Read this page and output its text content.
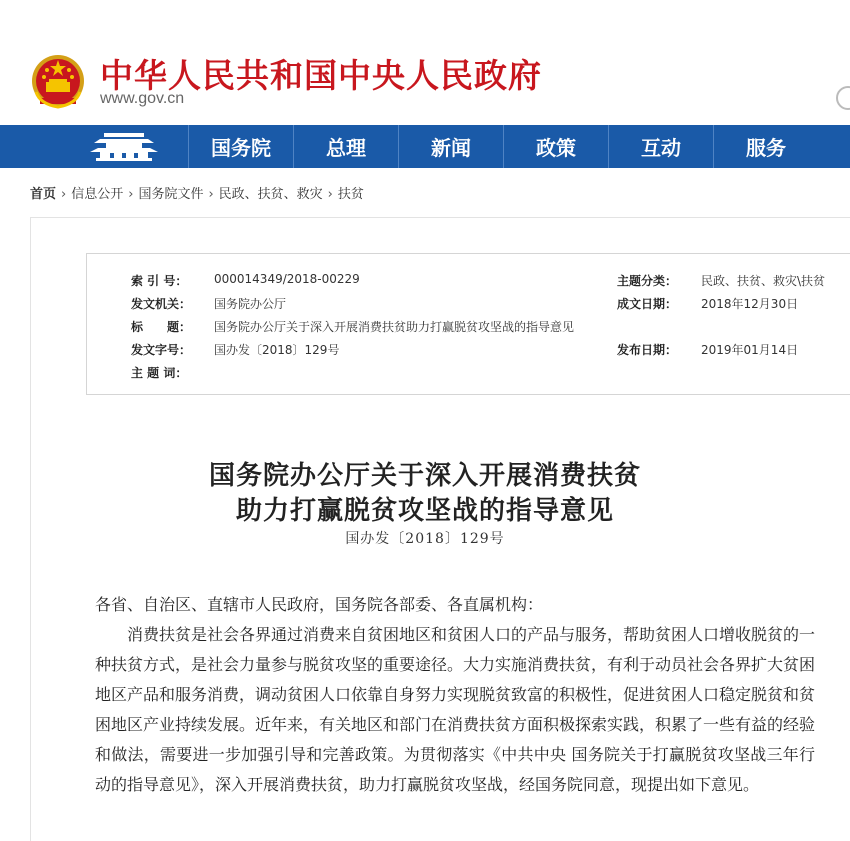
中华人民共和国中央人民政府
www.gov.cn
国务院	总理	新闻	政策	互动	服务
首页 › 信息公开 › 国务院文件 › 民政、扶贫、救灾 › 扶贫
索 引 号： 000014349/2018-00229	主题分类： 民政、扶贫、救灾\扶贫
发文机关： 国务院办公厅	成文日期： 2018年12月30日
标　　题： 国务院办公厅关于深入开展消费扶贫助力打赢脱贫攻坚战的指导意见
发文字号： 国办发〔2018〕129号	发布日期： 2019年01月14日
主 题 词：
国务院办公厅关于深入开展消费扶贫
助力打赢脱贫攻坚战的指导意见
国办发〔2018〕129号
各省、自治区、直辖市人民政府，国务院各部委、各直属机构：
消费扶贫是社会各界通过消费来自贫困地区和贫困人口的产品与服务，帮助贫困人口增收脱贫的一种扶贫方式，是社会力量参与脱贫攻坚的重要途径。大力实施消费扶贫，有利于动员社会各界扩大贫困地区产品和服务消费，调动贫困人口依靠自身努力实现脱贫致富的积极性，促进贫困人口稳定脱贫和贫困地区产业持续发展。近年来，有关地区和部门在消费扶贫方面积极探索实践，积累了一些有益的经验和做法，需要进一步加强引导和完善政策。为贯彻落实《中共中央 国务院关于打赢脱贫攻坚战三年行动的指导意见》，深入开展消费扶贫，助力打赢脱贫攻坚战，经国务院同意，现提出如下意见。
